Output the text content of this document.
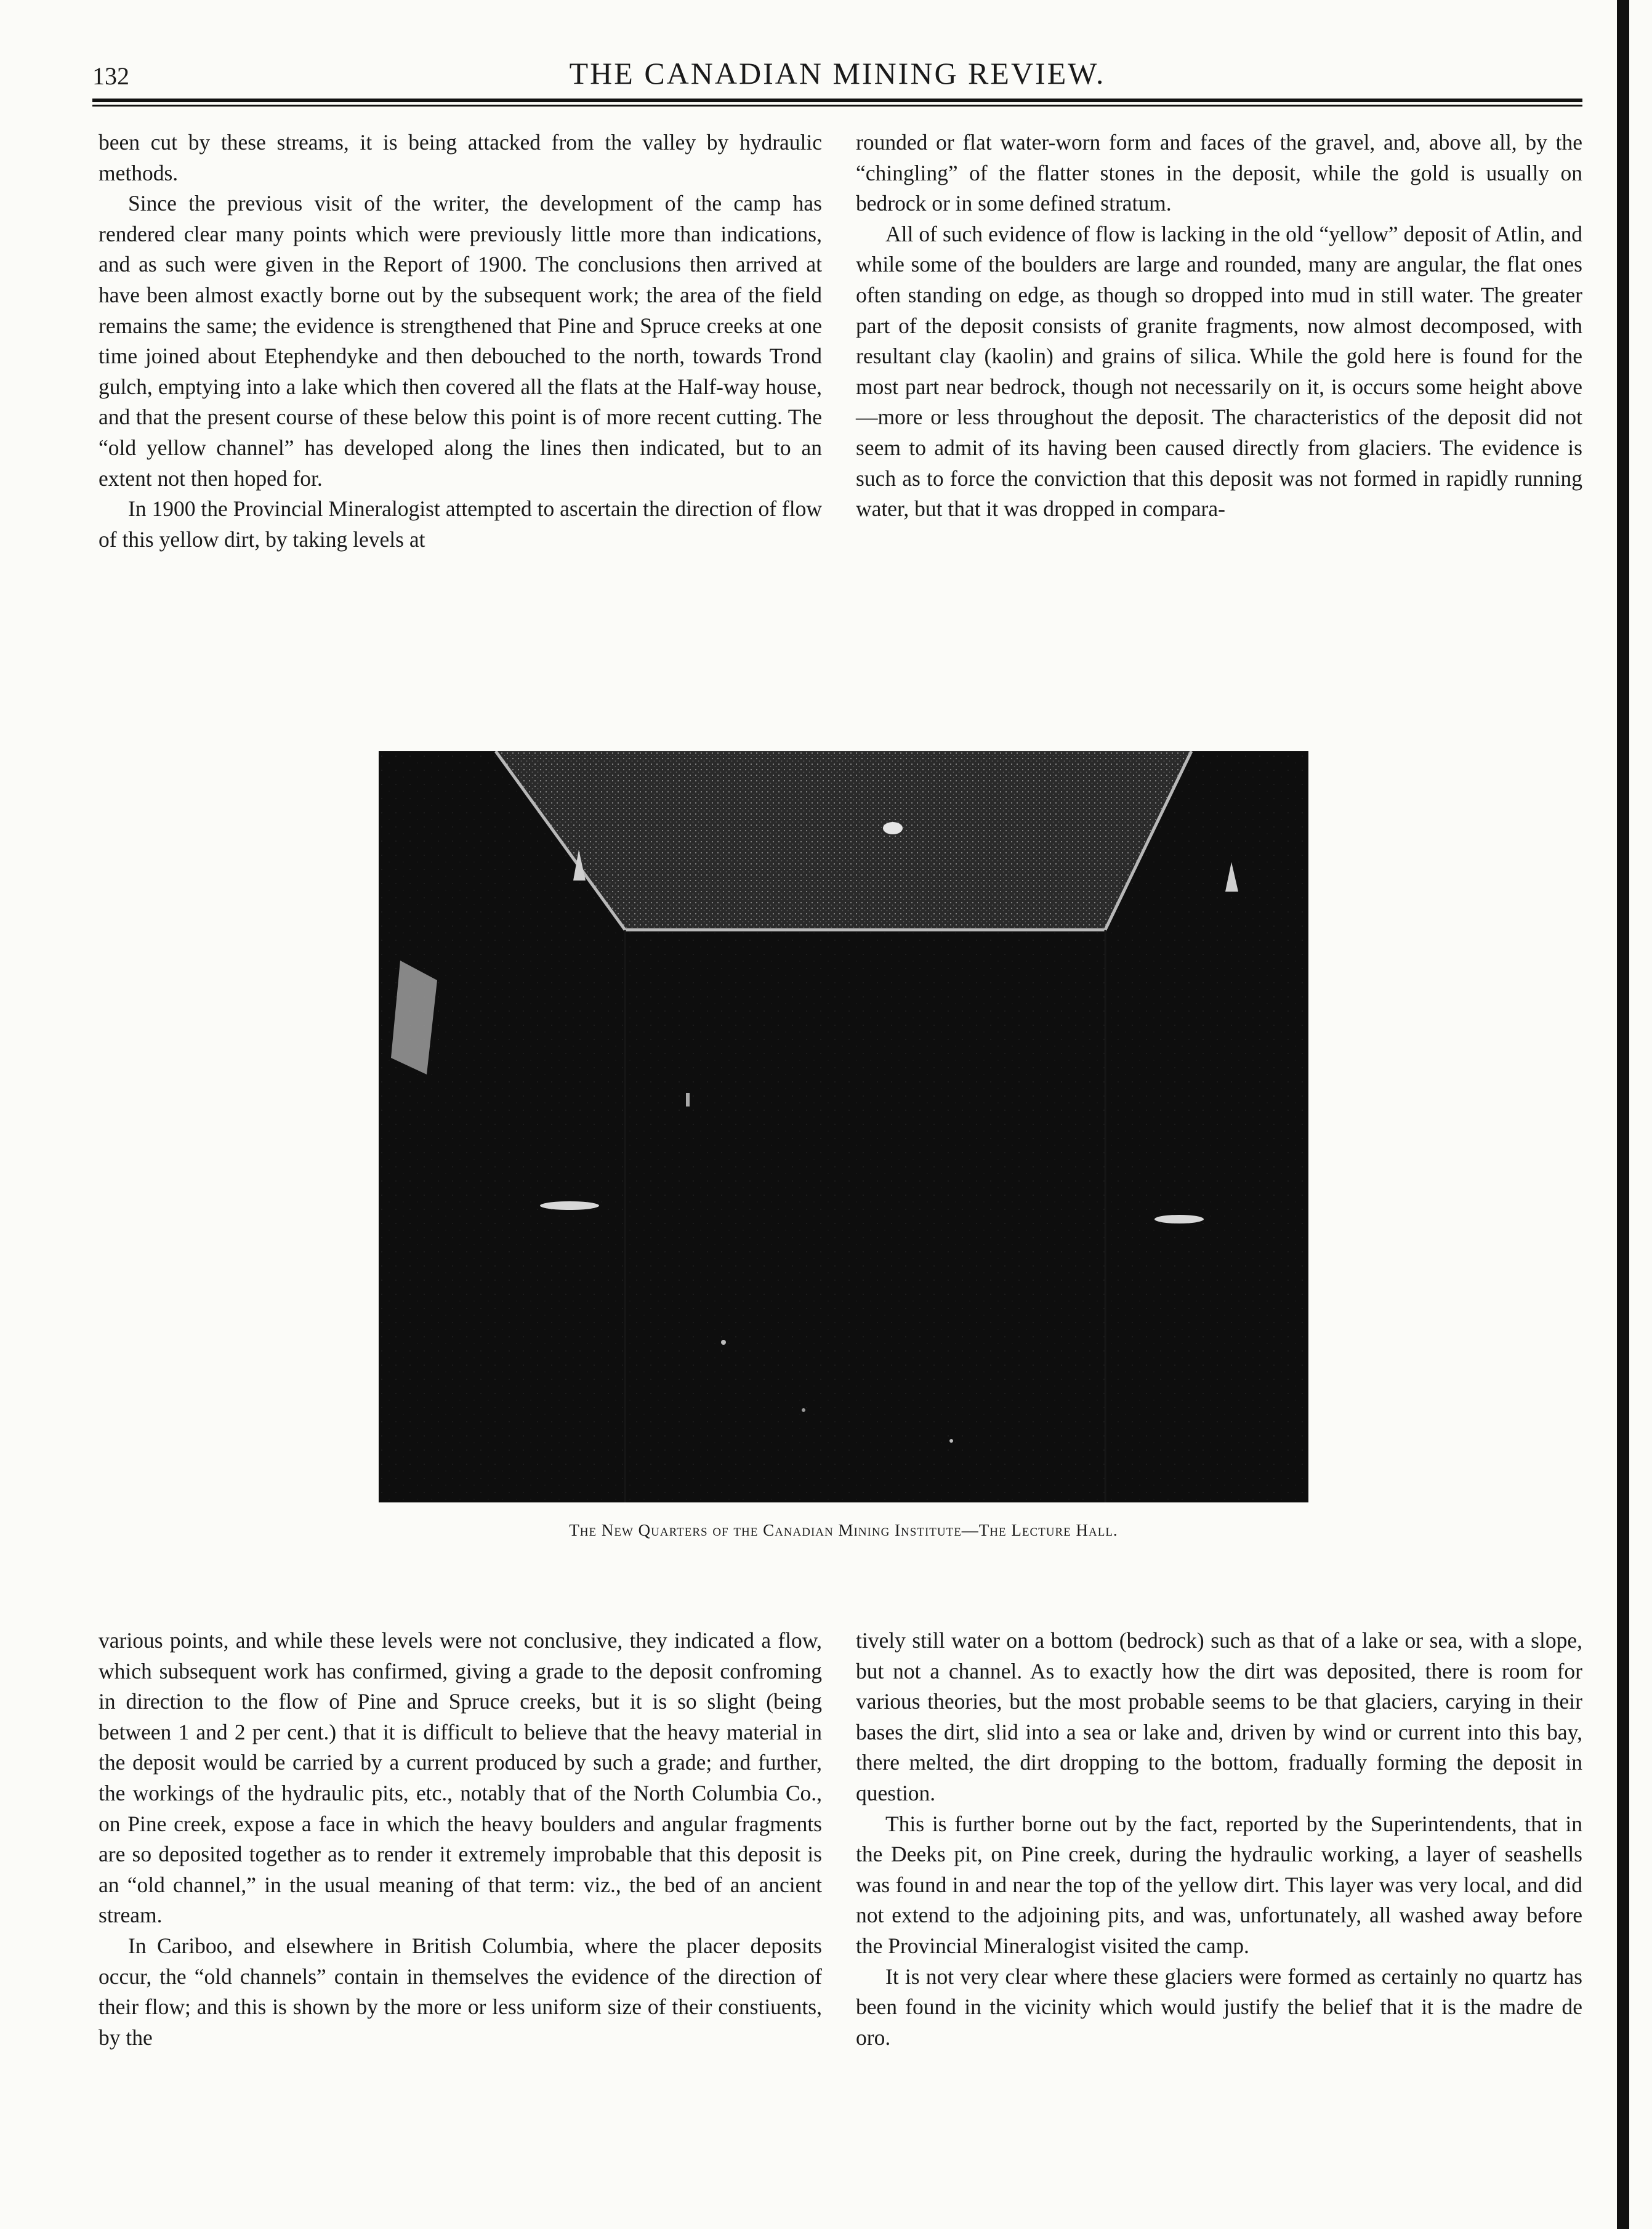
132	THE CANADIAN MINING REVIEW.

been cut by these streams, it is being attacked from the valley by hydraulic methods.

Since the previous visit of the writer, the development of the camp has rendered clear many points which were previously little more than indications, and as such were given in the Report of 1900. The conclusions then arrived at have been almost exactly borne out by the subsequent work; the area of the field remains the same; the evidence is strengthened that Pine and Spruce creeks at one time joined about Etephendyke and then debouched to the north, towards Trond gulch, emptying into a lake which then covered all the flats at the Half-way house, and that the present course of these below this point is of more recent cutting. The “old yellow channel” has developed along the lines then indicated, but to an extent not then hoped for.

In 1900 the Provincial Mineralogist attempted to ascertain the direction of flow of this yellow dirt, by taking levels at

rounded or flat water-worn form and faces of the gravel, and, above all, by the “chingling” of the flatter stones in the deposit, while the gold is usually on bedrock or in some defined stratum.

All of such evidence of flow is lacking in the old “yellow” deposit of Atlin, and while some of the boulders are large and rounded, many are angular, the flat ones often standing on edge, as though so dropped into mud in still water. The greater part of the deposit consists of granite fragments, now almost decomposed, with resultant clay (kaolin) and grains of silica. While the gold here is found for the most part near bedrock, though not necessarily on it, is occurs some height above—more or less throughout the deposit. The characteristics of the deposit did not seem to admit of its having been caused directly from glaciers. The evidence is such as to force the conviction that this deposit was not formed in rapidly running water, but that it was dropped in compara-

The New Quarters of the Canadian Mining Institute—The Lecture Hall.

various points, and while these levels were not conclusive, they indicated a flow, which subsequent work has confirmed, giving a grade to the deposit confroming in direction to the flow of Pine and Spruce creeks, but it is so slight (being between 1 and 2 per cent.) that it is difficult to believe that the heavy material in the deposit would be carried by a current produced by such a grade; and further, the workings of the hydraulic pits, etc., notably that of the North Columbia Co., on Pine creek, expose a face in which the heavy boulders and angular fragments are so deposited together as to render it extremely improbable that this deposit is an “old channel,” in the usual meaning of that term: viz., the bed of an ancient stream.

In Cariboo, and elsewhere in British Columbia, where the placer deposits occur, the “old channels” contain in themselves the evidence of the direction of their flow; and this is shown by the more or less uniform size of their constiuents, by the

tively still water on a bottom (bedrock) such as that of a lake or sea, with a slope, but not a channel. As to exactly how the dirt was deposited, there is room for various theories, but the most probable seems to be that glaciers, carying in their bases the dirt, slid into a sea or lake and, driven by wind or current into this bay, there melted, the dirt dropping to the bottom, fradually forming the deposit in question.

This is further borne out by the fact, reported by the Superintendents, that in the Deeks pit, on Pine creek, during the hydraulic working, a layer of seashells was found in and near the top of the yellow dirt. This layer was very local, and did not extend to the adjoining pits, and was, unfortunately, all washed away before the Provincial Mineralogist visited the camp.

It is not very clear where these glaciers were formed as certainly no quartz has been found in the vicinity which would justify the belief that it is the madre de oro.
